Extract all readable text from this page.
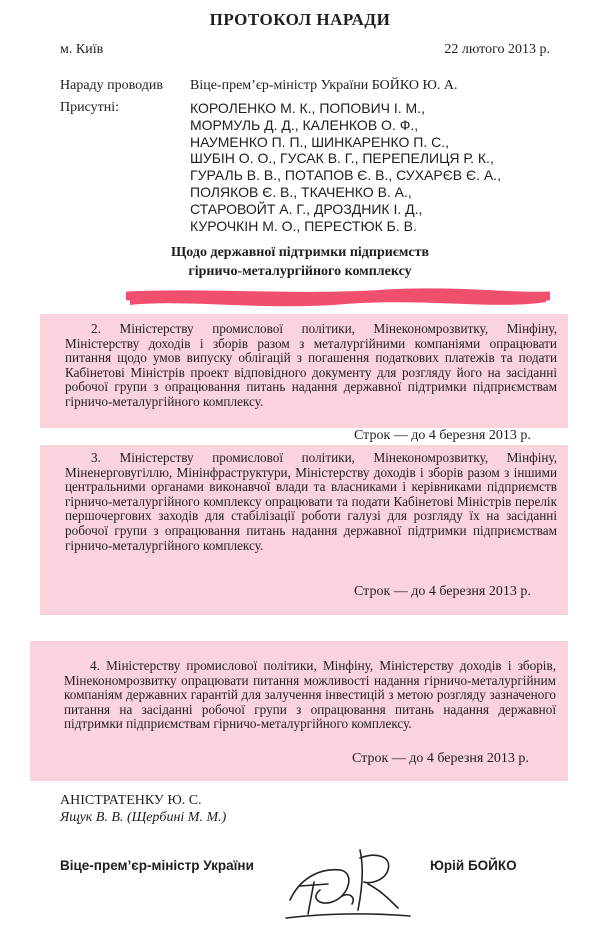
ПРОТОКОЛ НАРАДИ
м. Київ	22 лютого 2013 р.
Нараду проводив Віце-прем’єр-міністр України БОЙКО Ю. А.
Присутні:	КОРОЛЕНКО М. К., ПОПОВИЧ І. М.,
МОРМУЛЬ Д. Д., КАЛЕНКОВ О. Ф.,
НАУМЕНКО П. П., ШИНКАРЕНКО П. С.,
ШУБІН О. О., ГУСАК В. Г., ПЕРЕПЕЛИЦЯ Р. К.,
ГУРАЛЬ В. В., ПОТАПОВ Є. В., СУХАРЄВ Є. А.,
ПОЛЯКОВ Є. В., ТКАЧЕНКО В. А.,
СТАРОВОЙТ А. Г., ДРОЗДНИК І. Д.,
КУРОЧКІН М. О., ПЕРЕСТЮК Б. В.
Щодо державної підтримки підприємств
гірничо-металургійного комплексу

2. Міністерству промислової політики, Мінекономрозвитку, Мінфіну, Міністерству доходів і зборів разом з металургійними компаніями опрацювати питання щодо умов випуску облігацій з погашення податкових платежів та подати Кабінетові Міністрів проект відповідного документу для розгляду його на засіданні робочої групи з опрацювання питань надання державної підтримки підприємствам гірничо-металургійного комплексу.

Строк — до 4 березня 2013 р.

3. Міністерству промислової політики, Мінекономрозвитку, Мінфіну, Міненерговугіллю, Мінінфраструктури, Міністерству доходів і зборів разом з іншими центральними органами виконавчої влади та власниками і керівниками підприємств гірничо-металургійного комплексу опрацювати та подати Кабінетові Міністрів перелік першочергових заходів для стабілізації роботи галузі для розгляду їх на засіданні робочої групи з опрацювання питань надання державної підтримки підприємствам гірничо-металургійного комплексу.

Строк — до 4 березня 2013 р.

4. Міністерству промислової політики, Мінфіну, Міністерству доходів і зборів, Мінекономрозвитку опрацювати питання можливості надання гірничо-металургійним компаніям державних гарантій для залучення інвестицій з метою розгляду зазначеного питання на засіданні робочої групи з опрацювання питань надання державної підтримки підприємствам гірничо-металургійного комплексу.

Строк — до 4 березня 2013 р.
АНІСТРАТЕНКУ Ю. С.
Ящук В. В. (Щербині М. М.)
Віце-прем’єр-міністр України	Юрій БОЙКО
